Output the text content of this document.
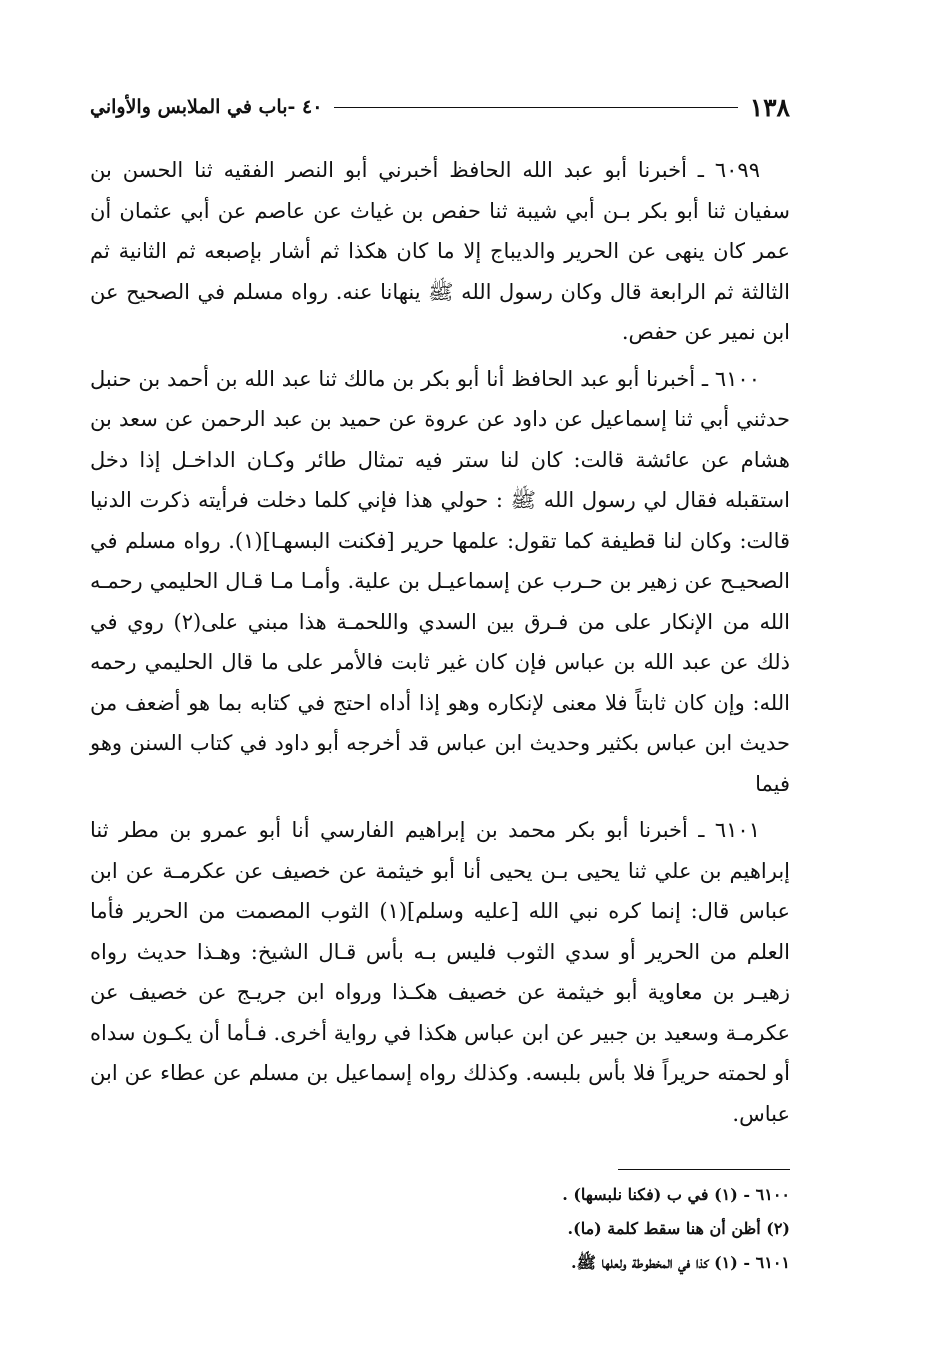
١٣٨
٤٠ -باب في الملابس والأواني

٦٠٩٩ ـ أخبرنا أبو عبد الله الحافظ أخبرني أبو النصر الفقيه ثنا الحسن بن سفيان ثنا أبو بكر بـن أبي شيبة ثنا حفص بن غياث عن عاصم عن أبي عثمان أن عمر كان ينهى عن الحرير والديباج إلا ما كان هكذا ثم أشار بإصبعه ثم الثانية ثم الثالثة ثم الرابعة قال وكان رسول الله ﷺ ينهانا عنه. رواه مسلم في الصحيح عن ابن نمير عن حفص.

٦١٠٠ ـ أخبرنا أبو عبد الحافظ أنا أبو بكر بن مالك ثنا عبد الله بن أحمد بن حنبل حدثني أبي ثنا إسماعيل عن داود عن عروة عن حميد بن عبد الرحمن عن سعد بن هشام عن عائشة قالت: كان لنا ستر فيه تمثال طائر وكـان الداخـل إذا دخل استقبله فقال لي رسول الله ﷺ : حولي هذا فإني كلما دخلت فرأيته ذكرت الدنيا قالت: وكان لنا قطيفة كما تقول: علمها حرير [فكنت البسهـا](١). رواه مسلم في الصحيـح عن زهير بن حـرب عن إسماعيـل بن علية. وأمـا مـا قـال الحليمي رحمـه الله من الإنكار على من فـرق بين السدي واللحمـة هذا مبني على(٢) روي في ذلك عن عبد الله بن عباس فإن كان غير ثابت فالأمر على ما قال الحليمي رحمه الله: وإن كان ثابتاً فلا معنى لإنكاره وهو إذا أداه احتج في كتابه بما هو أضعف من حديث ابن عباس بكثير وحديث ابن عباس قد أخرجه أبو داود في كتاب السنن وهو فيما

٦١٠١ ـ أخبرنا أبو بكر محمد بن إبراهيم الفارسي أنا أبو عمرو بن مطر ثنا إبراهيم بن علي ثنا يحيى بـن يحيى أنا أبو خيثمة عن خصيف عن عكرمـة عن ابن عباس قال: إنما كره نبي الله [عليه وسلم](١) الثوب المصمت من الحرير فأما العلم من الحرير أو سدي الثوب فليس بـه بأس قـال الشيخ: وهـذا حديث رواه زهيـر بن معاوية أبو خيثمة عن خصيف هكـذا ورواه ابن جريـج عن خصيف عن عكرمـة وسعيد بن جبير عن ابن عباس هكذا في رواية أخرى. فـأما أن يكـون سداه أو لحمته حريراً فلا بأس بلبسه. وكذلك رواه إسماعيل بن مسلم عن عطاء عن ابن عباس.

٦١٠٠ - (١) في ب (فكنا نلبسها) .

(٢) أظن أن هنا سقط كلمة (ما).

٦١٠١ - (١) كذا في المخطوطة ولعلها ﷺ.
